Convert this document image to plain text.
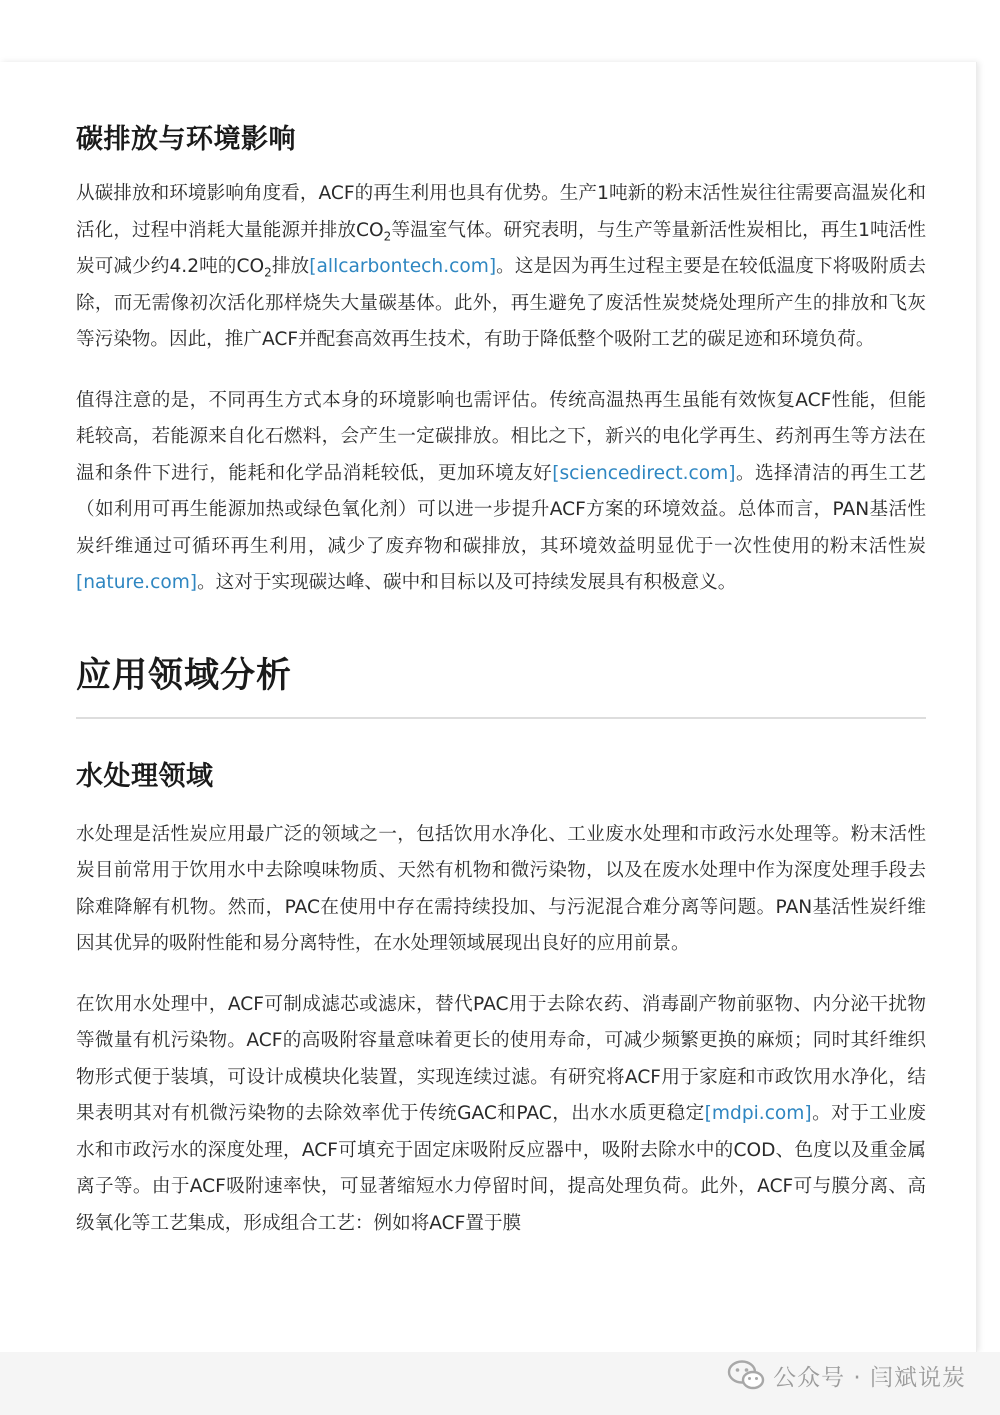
碳排放与环境影响

从碳排放和环境影响角度看，ACF的再生利用也具有优势。生产1吨新的粉末活性炭往往需要高温炭化和活化，过程中消耗大量能源并排放$CO_2$等温室气体。研究表明，与生产等量新活性炭相比，再生1吨活性炭可减少约4.2吨的$CO_2$排放[allcarbontech.com]。这是因为再生过程主要是在较低温度下将吸附质去除，而无需像初次活化那样烧失大量碳基体。此外，再生避免了废活性炭焚烧处理所产生的排放和飞灰等污染物。因此，推广ACF并配套高效再生技术，有助于降低整个吸附工艺的碳足迹和环境负荷。

值得注意的是，不同再生方式本身的环境影响也需评估。传统高温热再生虽能有效恢复ACF性能，但能耗较高，若能源来自化石燃料，会产生一定碳排放。相比之下，新兴的电化学再生、药剂再生等方法在温和条件下进行，能耗和化学品消耗较低，更加环境友好[sciencedirect.com]。选择清洁的再生工艺（如利用可再生能源加热或绿色氧化剂）可以进一步提升ACF方案的环境效益。总体而言，PAN基活性炭纤维通过可循环再生利用，减少了废弃物和碳排放，其环境效益明显优于一次性使用的粉末活性炭[nature.com]。这对于实现碳达峰、碳中和目标以及可持续发展具有积极意义。

应用领域分析
水处理领域

水处理是活性炭应用最广泛的领域之一，包括饮用水净化、工业废水处理和市政污水处理等。粉末活性炭目前常用于饮用水中去除嗅味物质、天然有机物和微污染物，以及在废水处理中作为深度处理手段去除难降解有机物。然而，PAC在使用中存在需持续投加、与污泥混合难分离等问题。PAN基活性炭纤维因其优异的吸附性能和易分离特性，在水处理领域展现出良好的应用前景。

在饮用水处理中，ACF可制成滤芯或滤床，替代PAC用于去除农药、消毒副产物前驱物、内分泌干扰物等微量有机污染物。ACF的高吸附容量意味着更长的使用寿命，可减少频繁更换的麻烦；同时其纤维织物形式便于装填，可设计成模块化装置，实现连续过滤。有研究将ACF用于家庭和市政饮用水净化，结果表明其对有机微污染物的去除效率优于传统GAC和PAC，出水水质更稳定[mdpi.com]。对于工业废水和市政污水的深度处理，ACF可填充于固定床吸附反应器中，吸附去除水中的COD、色度以及重金属离子等。由于ACF吸附速率快，可显著缩短水力停留时间，提高处理负荷。此外，ACF可与膜分离、高级氧化等工艺集成，形成组合工艺：例如将ACF置于膜

公众号 · 闫斌说炭
